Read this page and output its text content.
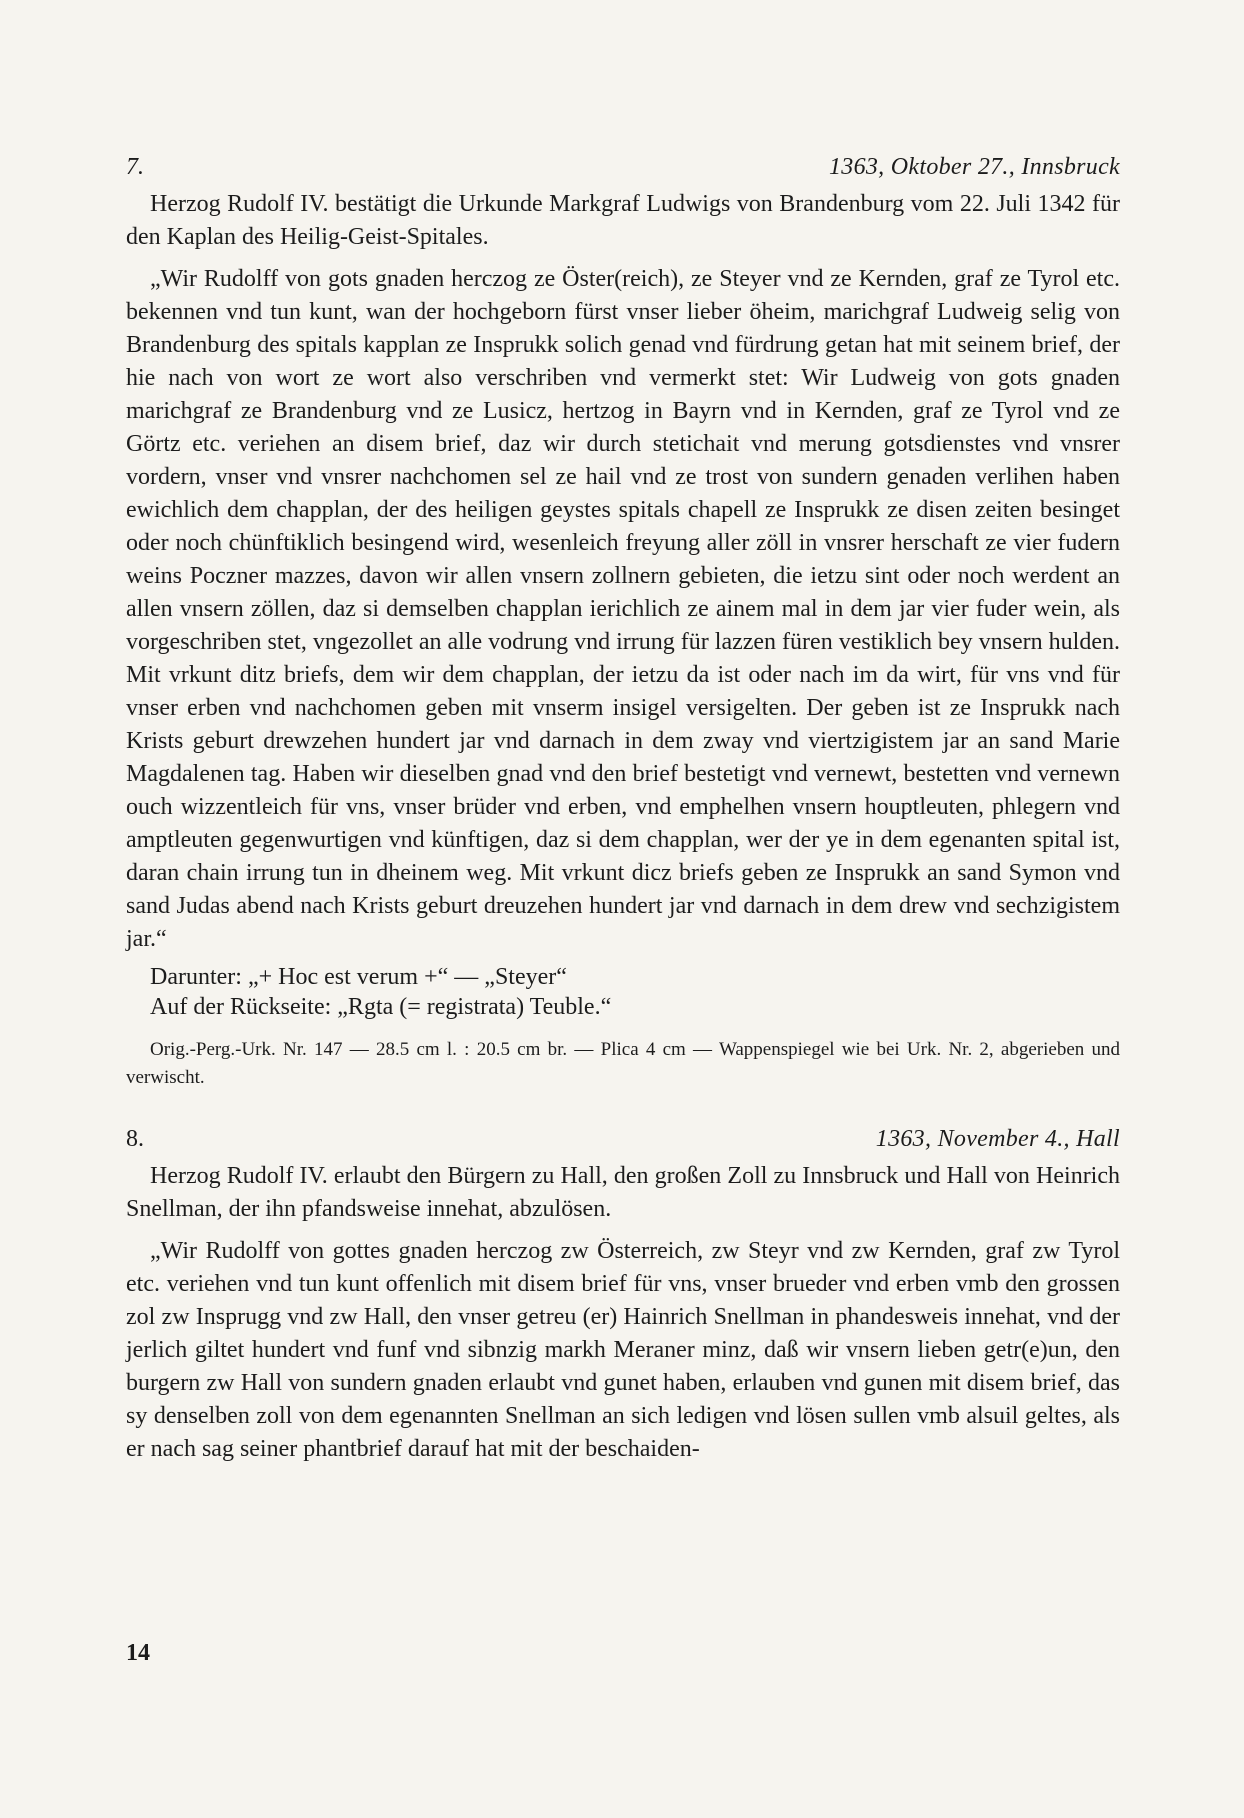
7.	1363, Oktober 27., Innsbruck

Herzog Rudolf IV. bestätigt die Urkunde Markgraf Ludwigs von Brandenburg vom 22. Juli 1342 für den Kaplan des Heilig-Geist-Spitales.

„Wir Rudolff von gots gnaden herczog ze Öster(reich), ze Steyer vnd ze Kernden, graf ze Tyrol etc. bekennen vnd tun kunt, wan der hochgeborn fürst vnser lieber öheim, marichgraf Ludweig selig von Brandenburg des spitals kapplan ze Insprukk solich genad vnd fürdrung getan hat mit seinem brief, der hie nach von wort ze wort also verschriben vnd vermerkt stet: Wir Ludweig von gots gnaden marichgraf ze Brandenburg vnd ze Lusicz, hertzog in Bayrn vnd in Kernden, graf ze Tyrol vnd ze Görtz etc. veriehen an disem brief, daz wir durch stetichait vnd merung gotsdienstes vnd vnsrer vordern, vnser vnd vnsrer nachchomen sel ze hail vnd ze trost von sundern genaden verlihen haben ewichlich dem chapplan, der des heiligen geystes spitals chapell ze Insprukk ze disen zeiten besinget oder noch chünftiklich besingend wird, wesenleich freyung aller zöll in vnsrer herschaft ze vier fudern weins Poczner mazzes, davon wir allen vnsern zollnern gebieten, die ietzu sint oder noch werdent an allen vnsern zöllen, daz si demselben chapplan ierichlich ze ainem mal in dem jar vier fuder wein, als vorgeschriben stet, vngezollet an alle vodrung vnd irrung für lazzen füren vestiklich bey vnsern hulden. Mit vrkunt ditz briefs, dem wir dem chapplan, der ietzu da ist oder nach im da wirt, für vns vnd für vnser erben vnd nachchomen geben mit vnserm insigel versigelten. Der geben ist ze Insprukk nach Krists geburt drewzehen hundert jar vnd darnach in dem zway vnd viertzigistem jar an sand Marie Magdalenen tag. Haben wir dieselben gnad vnd den brief bestetigt vnd vernewt, bestetten vnd vernewn ouch wizzentleich für vns, vnser brüder vnd erben, vnd emphelhen vnsern houptleuten, phlegern vnd amptleuten gegenwurtigen vnd künftigen, daz si dem chapplan, wer der ye in dem egenanten spital ist, daran chain irrung tun in dheinem weg. Mit vrkunt dicz briefs geben ze Insprukk an sand Symon vnd sand Judas abend nach Krists geburt dreuzehen hundert jar vnd darnach in dem drew vnd sechzigistem jar.“

Darunter: „+ Hoc est verum +“ — „Steyer“

Auf der Rückseite: „Rgta (= registrata) Teuble.“

Orig.-Perg.-Urk. Nr. 147 — 28.5 cm l. : 20.5 cm br. — Plica 4 cm — Wappenspiegel wie bei Urk. Nr. 2, abgerieben und verwischt.

8.	1363, November 4., Hall

Herzog Rudolf IV. erlaubt den Bürgern zu Hall, den großen Zoll zu Innsbruck und Hall von Heinrich Snellman, der ihn pfandsweise innehat, abzulösen.

„Wir Rudolff von gottes gnaden herczog zw Österreich, zw Steyr vnd zw Kernden, graf zw Tyrol etc. veriehen vnd tun kunt offenlich mit disem brief für vns, vnser brueder vnd erben vmb den grossen zol zw Insprugg vnd zw Hall, den vnser getreu (er) Hainrich Snellman in phandesweis innehat, vnd der jerlich giltet hundert vnd funf vnd sibnzig markh Meraner minz, daß wir vnsern lieben getr(e)un, den burgern zw Hall von sundern gnaden erlaubt vnd gunet haben, erlauben vnd gunen mit disem brief, das sy denselben zoll von dem egenannten Snellman an sich ledigen vnd lösen sullen vmb alsuil geltes, als er nach sag seiner phantbrief darauf hat mit der beschaiden-

14
